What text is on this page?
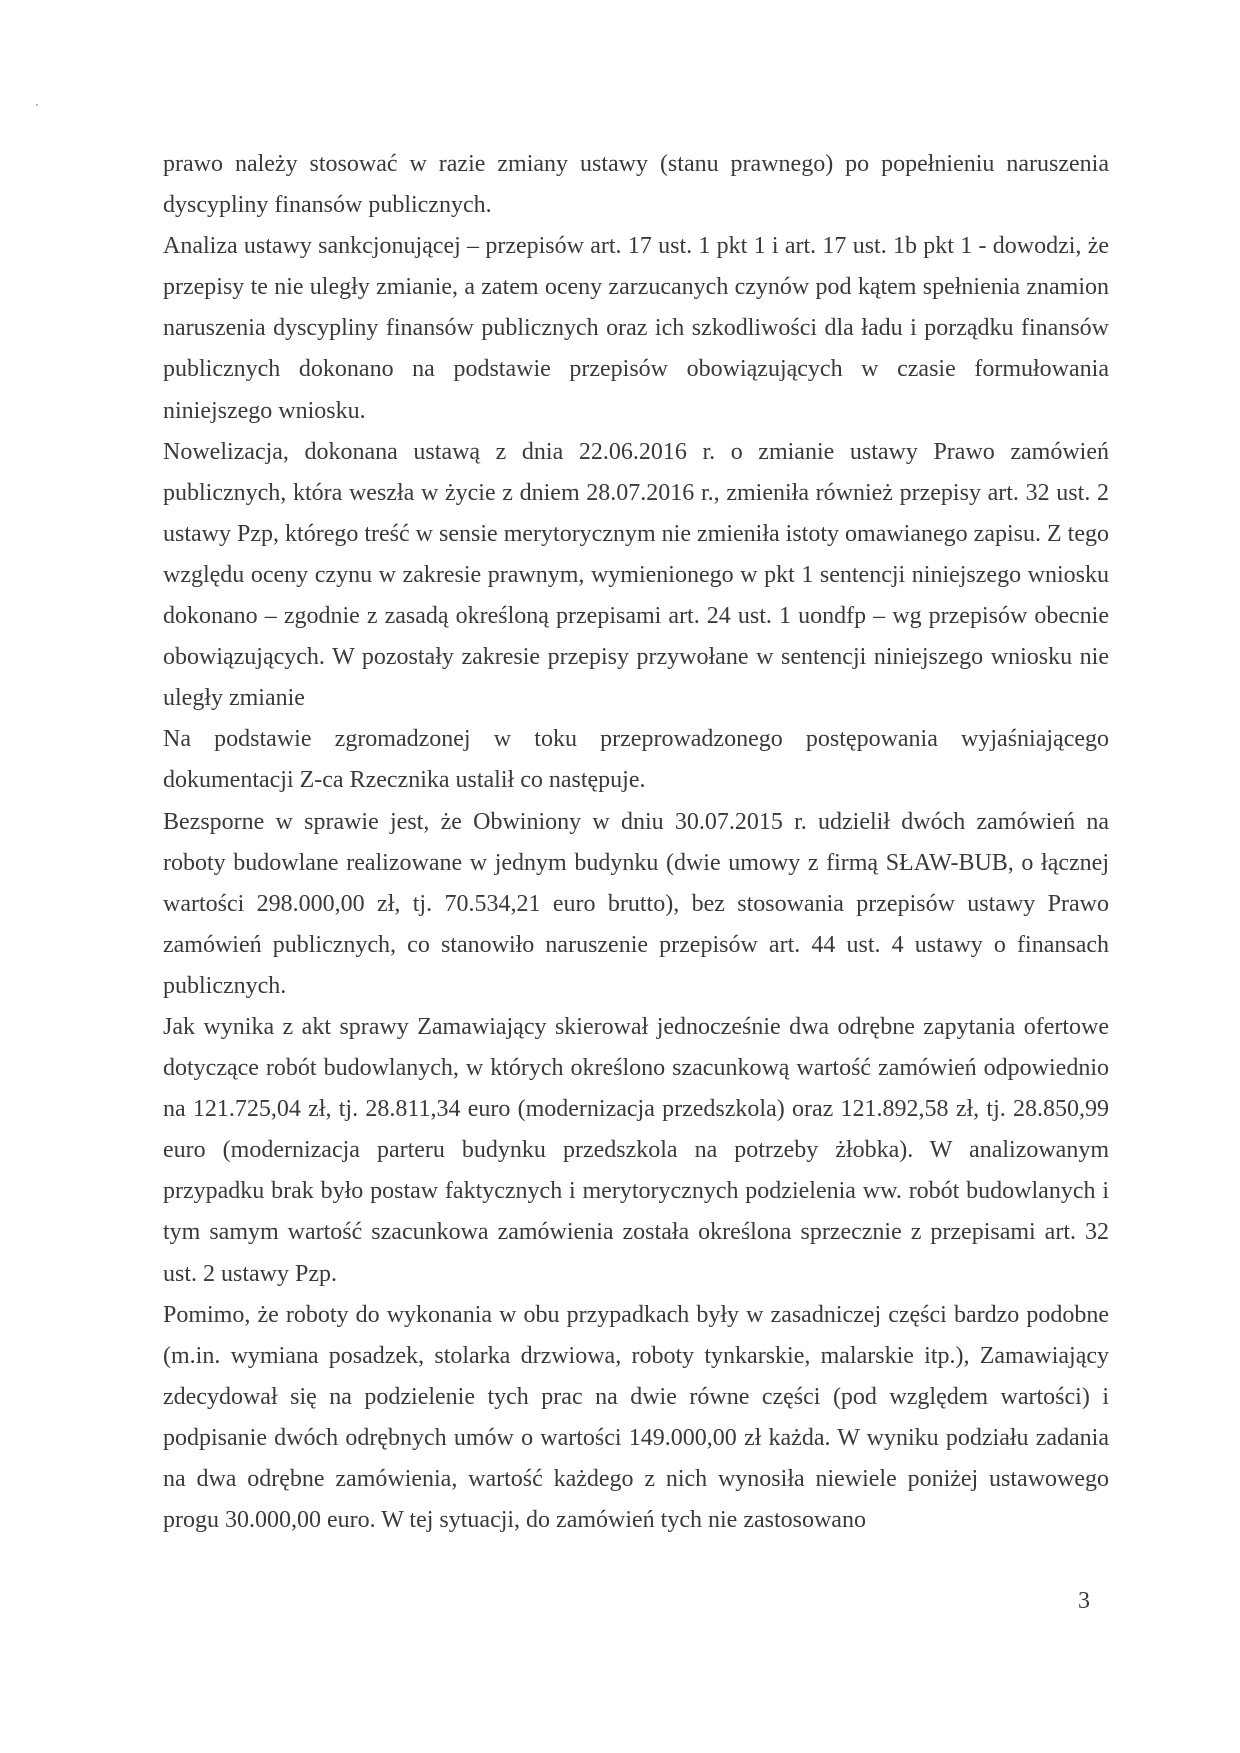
prawo należy stosować w razie zmiany ustawy (stanu prawnego) po popełnieniu naruszenia dyscypliny finansów publicznych.

Analiza ustawy sankcjonującej – przepisów art. 17 ust. 1 pkt 1 i art. 17 ust. 1b pkt 1 - dowodzi, że przepisy te nie uległy zmianie, a zatem oceny zarzucanych czynów pod kątem spełnienia znamion naruszenia dyscypliny finansów publicznych oraz ich szkodliwości dla ładu i porządku finansów publicznych dokonano na podstawie przepisów obowiązujących w czasie formułowania niniejszego wniosku.

Nowelizacja, dokonana ustawą z dnia 22.06.2016 r. o zmianie ustawy Prawo zamówień publicznych, która weszła w życie z dniem 28.07.2016 r., zmieniła również przepisy art. 32 ust. 2 ustawy Pzp, którego treść w sensie merytorycznym nie zmieniła istoty omawianego zapisu. Z tego względu oceny czynu w zakresie prawnym, wymienionego w pkt 1 sentencji niniejszego wniosku dokonano – zgodnie z zasadą określoną przepisami art. 24 ust. 1 uondfp – wg przepisów obecnie obowiązujących. W pozostały zakresie przepisy przywołane w sentencji niniejszego wniosku nie uległy zmianie

Na podstawie zgromadzonej w toku przeprowadzonego postępowania wyjaśniającego dokumentacji Z-ca Rzecznika ustalił co następuje.

Bezsporne w sprawie jest, że Obwiniony w dniu 30.07.2015 r. udzielił dwóch zamówień na roboty budowlane realizowane w jednym budynku (dwie umowy z firmą SŁAW-BUB, o łącznej wartości 298.000,00 zł, tj. 70.534,21 euro brutto), bez stosowania przepisów ustawy Prawo zamówień publicznych, co stanowiło naruszenie przepisów art. 44 ust. 4 ustawy o finansach publicznych.

Jak wynika z akt sprawy Zamawiający skierował jednocześnie dwa odrębne zapytania ofertowe dotyczące robót budowlanych, w których określono szacunkową wartość zamówień odpowiednio na 121.725,04 zł, tj. 28.811,34 euro (modernizacja przedszkola) oraz 121.892,58 zł, tj. 28.850,99 euro (modernizacja parteru budynku przedszkola na potrzeby żłobka). W analizowanym przypadku brak było postaw faktycznych i merytorycznych podzielenia ww. robót budowlanych i tym samym wartość szacunkowa zamówienia została określona sprzecznie z przepisami art. 32 ust. 2 ustawy Pzp.

Pomimo, że roboty do wykonania w obu przypadkach były w zasadniczej części bardzo podobne (m.in. wymiana posadzek, stolarka drzwiowa, roboty tynkarskie, malarskie itp.), Zamawiający zdecydował się na podzielenie tych prac na dwie równe części (pod względem wartości) i podpisanie dwóch odrębnych umów o wartości 149.000,00 zł każda. W wyniku podziału zadania na dwa odrębne zamówienia, wartość każdego z nich wynosiła niewiele poniżej ustawowego progu 30.000,00 euro. W tej sytuacji, do zamówień tych nie zastosowano

3
